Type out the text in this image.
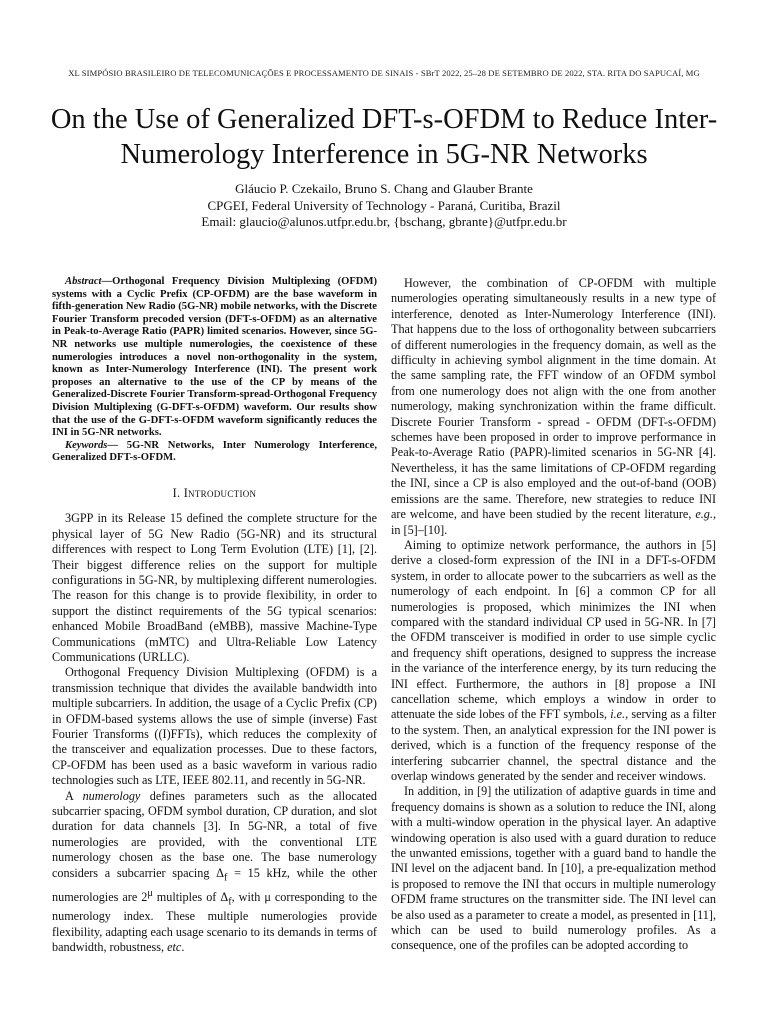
XL SIMPÓSIO BRASILEIRO DE TELECOMUNICAÇÕES E PROCESSAMENTO DE SINAIS - SBrT 2022, 25–28 DE SETEMBRO DE 2022, STA. RITA DO SAPUCAÍ, MG
On the Use of Generalized DFT-s-OFDM to Reduce Inter-Numerology Interference in 5G-NR Networks
Gláucio P. Czekailo, Bruno S. Chang and Glauber Brante
CPGEI, Federal University of Technology - Paraná, Curitiba, Brazil
Email: glaucio@alunos.utfpr.edu.br, {bschang, gbrante}@utfpr.edu.br

Abstract—Orthogonal Frequency Division Multiplexing (OFDM) systems with a Cyclic Prefix (CP-OFDM) are the base waveform in fifth-generation New Radio (5G-NR) mobile networks, with the Discrete Fourier Transform precoded version (DFT-s-OFDM) as an alternative in Peak-to-Average Ratio (PAPR) limited scenarios. However, since 5G-NR networks use multiple numerologies, the coexistence of these numerologies introduces a novel non-orthogonality in the system, known as Inter-Numerology Interference (INI). The present work proposes an alternative to the use of the CP by means of the Generalized-Discrete Fourier Transform-spread-Orthogonal Frequency Division Multiplexing (G-DFT-s-OFDM) waveform. Our results show that the use of the G-DFT-s-OFDM waveform significantly reduces the INI in 5G-NR networks.

Keywords— 5G-NR Networks, Inter Numerology Interference, Generalized DFT-s-OFDM.

I. Introduction

3GPP in its Release 15 defined the complete structure for the physical layer of 5G New Radio (5G-NR) and its structural differences with respect to Long Term Evolution (LTE) [1], [2]. Their biggest difference relies on the support for multiple configurations in 5G-NR, by multiplexing different numerologies. The reason for this change is to provide flexibility, in order to support the distinct requirements of the 5G typical scenarios: enhanced Mobile BroadBand (eMBB), massive Machine-Type Communications (mMTC) and Ultra-Reliable Low Latency Communications (URLLC).

Orthogonal Frequency Division Multiplexing (OFDM) is a transmission technique that divides the available bandwidth into multiple subcarriers. In addition, the usage of a Cyclic Prefix (CP) in OFDM-based systems allows the use of simple (inverse) Fast Fourier Transforms ((I)FFTs), which reduces the complexity of the transceiver and equalization processes. Due to these factors, CP-OFDM has been used as a basic waveform in various radio technologies such as LTE, IEEE 802.11, and recently in 5G-NR.

A numerology defines parameters such as the allocated subcarrier spacing, OFDM symbol duration, CP duration, and slot duration for data channels [3]. In 5G-NR, a total of five numerologies are provided, with the conventional LTE numerology chosen as the base one. The base numerology considers a subcarrier spacing $\Delta_f = 15$ kHz, while the other numerologies are $2^\mu$ multiples of $\Delta_f$, with μ corresponding to the numerology index. These multiple numerologies provide flexibility, adapting each usage scenario to its demands in terms of bandwidth, robustness, etc.

However, the combination of CP-OFDM with multiple numerologies operating simultaneously results in a new type of interference, denoted as Inter-Numerology Interference (INI). That happens due to the loss of orthogonality between subcarriers of different numerologies in the frequency domain, as well as the difficulty in achieving symbol alignment in the time domain. At the same sampling rate, the FFT window of an OFDM symbol from one numerology does not align with the one from another numerology, making synchronization within the frame difficult. Discrete Fourier Transform - spread - OFDM (DFT-s-OFDM) schemes have been proposed in order to improve performance in Peak-to-Average Ratio (PAPR)-limited scenarios in 5G-NR [4]. Nevertheless, it has the same limitations of CP-OFDM regarding the INI, since a CP is also employed and the out-of-band (OOB) emissions are the same. Therefore, new strategies to reduce INI are welcome, and have been studied by the recent literature, e.g., in [5]–[10].

Aiming to optimize network performance, the authors in [5] derive a closed-form expression of the INI in a DFT-s-OFDM system, in order to allocate power to the subcarriers as well as the numerology of each endpoint. In [6] a common CP for all numerologies is proposed, which minimizes the INI when compared with the standard individual CP used in 5G-NR. In [7] the OFDM transceiver is modified in order to use simple cyclic and frequency shift operations, designed to suppress the increase in the variance of the interference energy, by its turn reducing the INI effect. Furthermore, the authors in [8] propose a INI cancellation scheme, which employs a window in order to attenuate the side lobes of the FFT symbols, i.e., serving as a filter to the system. Then, an analytical expression for the INI power is derived, which is a function of the frequency response of the interfering subcarrier channel, the spectral distance and the overlap windows generated by the sender and receiver windows.

In addition, in [9] the utilization of adaptive guards in time and frequency domains is shown as a solution to reduce the INI, along with a multi-window operation in the physical layer. An adaptive windowing operation is also used with a guard duration to reduce the unwanted emissions, together with a guard band to handle the INI level on the adjacent band. In [10], a pre-equalization method is proposed to remove the INI that occurs in multiple numerology OFDM frame structures on the transmitter side. The INI level can be also used as a parameter to create a model, as presented in [11], which can be used to build numerology profiles. As a consequence, one of the profiles can be adopted according to
